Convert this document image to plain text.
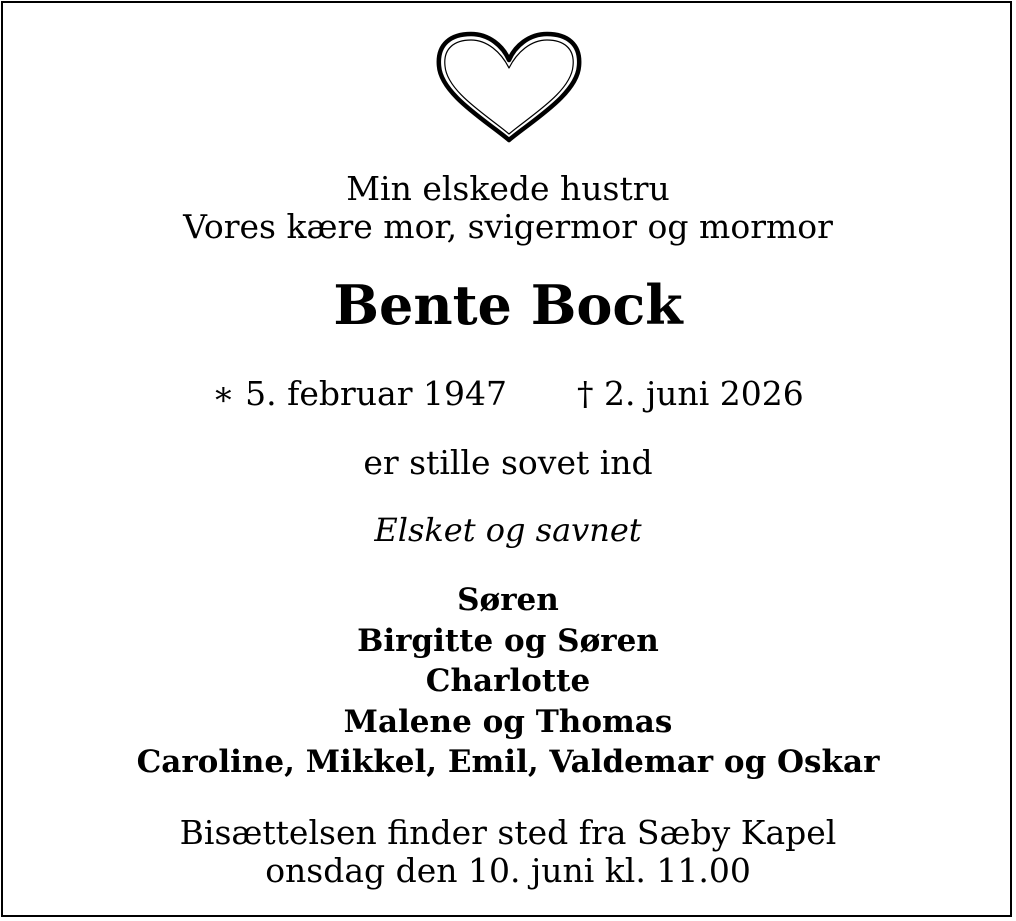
Min elskede hustru
Vores kære mor, svigermor og mormor
Bente Bock
∗ 5. februar 1947 † 2. juni 2026
er stille sovet ind
Elsket og savnet
Søren
Birgitte og Søren
Charlotte
Malene og Thomas
Caroline, Mikkel, Emil, Valdemar og Oskar
Bisættelsen finder sted fra Sæby Kapel
onsdag den 10. juni kl. 11.00
